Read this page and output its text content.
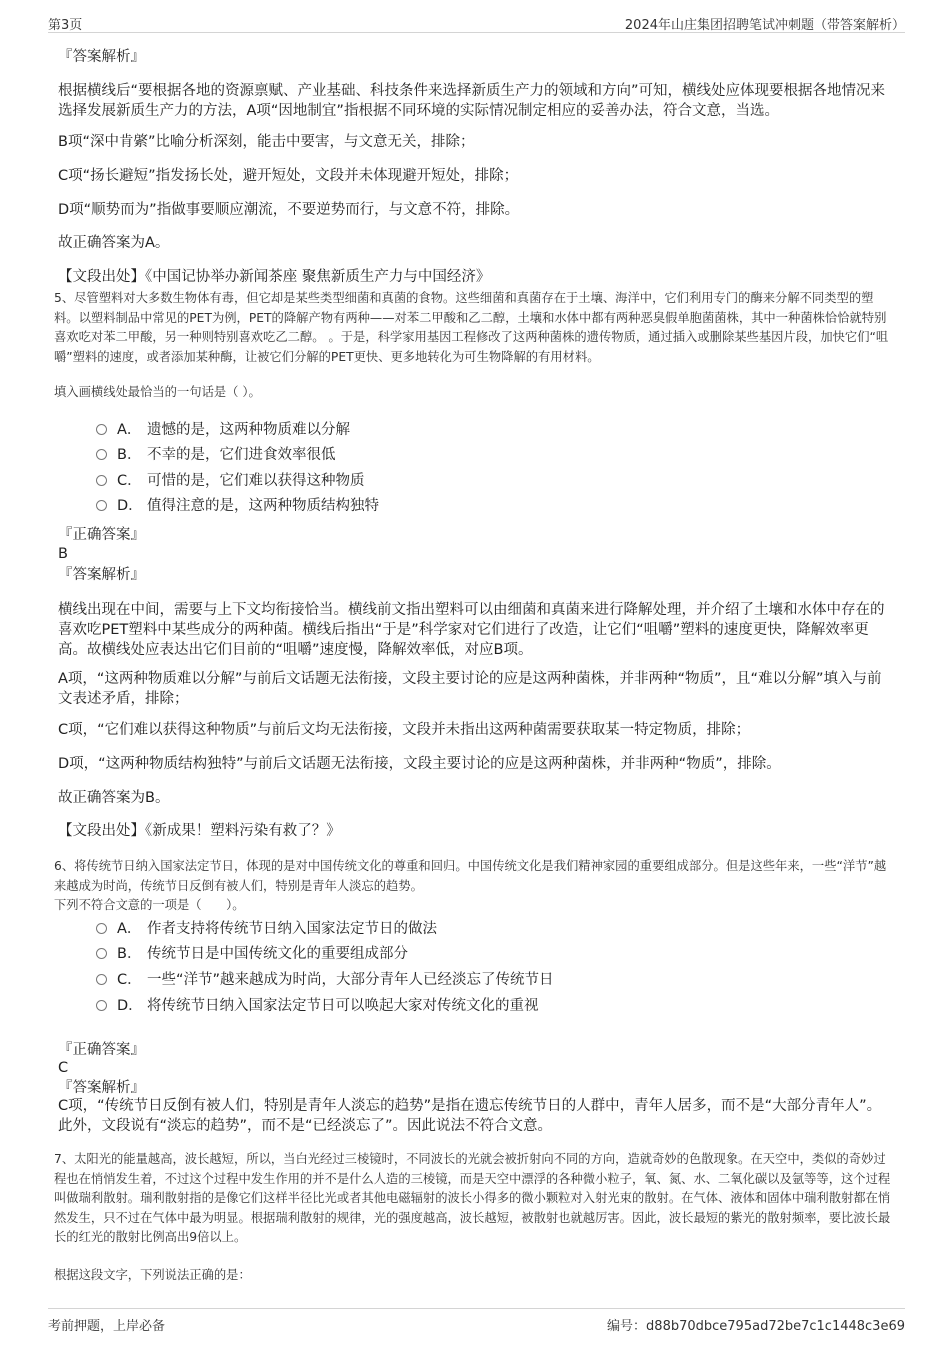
第3页	2024年山庄集团招聘笔试冲刺题（带答案解析）

『答案解析』

根据横线后“要根据各地的资源禀赋、产业基础、科技条件来选择新质生产力的领域和方向”可知，横线处应体现要根据各地情况来选择发展新质生产力的方法，A项“因地制宜”指根据不同环境的实际情况制定相应的妥善办法，符合文意，当选。

B项“深中肯綮”比喻分析深刻，能击中要害，与文意无关，排除；

C项“扬长避短”指发扬长处，避开短处，文段并未体现避开短处，排除；

D项“顺势而为”指做事要顺应潮流，不要逆势而行，与文意不符，排除。

故正确答案为A。

【文段出处】《中国记协举办新闻茶座 聚焦新质生产力与中国经济》

5、尽管塑料对大多数生物体有毒，但它却是某些类型细菌和真菌的食物。这些细菌和真菌存在于土壤、海洋中，它们利用专门的酶来分解不同类型的塑料。以塑料制品中常见的PET为例，PET的降解产物有两种——对苯二甲酸和乙二醇，土壤和水体中都有两种恶臭假单胞菌菌株，其中一种菌株恰恰就特别喜欢吃对苯二甲酸，另一种则特别喜欢吃乙二醇。 。于是，科学家用基因工程修改了这两种菌株的遗传物质，通过插入或删除某些基因片段，加快它们“咀嚼”塑料的速度，或者添加某种酶，让被它们分解的PET更快、更多地转化为可生物降解的有用材料。

填入画横线处最恰当的一句话是（ ）。

A． 遗憾的是，这两种物质难以分解
B． 不幸的是，它们进食效率很低
C． 可惜的是，它们难以获得这种物质
D． 值得注意的是，这两种物质结构独特

『正确答案』

B

『答案解析』

横线出现在中间，需要与上下文均衔接恰当。横线前文指出塑料可以由细菌和真菌来进行降解处理，并介绍了土壤和水体中存在的喜欢吃PET塑料中某些成分的两种菌。横线后指出“于是”科学家对它们进行了改造，让它们“咀嚼”塑料的速度更快，降解效率更高。故横线处应表达出它们目前的“咀嚼”速度慢，降解效率低，对应B项。

A项，“这两种物质难以分解”与前后文话题无法衔接，文段主要讨论的应是这两种菌株，并非两种“物质”，且“难以分解”填入与前文表述矛盾，排除；

C项，“它们难以获得这种物质”与前后文均无法衔接，文段并未指出这两种菌需要获取某一特定物质，排除；

D项，“这两种物质结构独特”与前后文话题无法衔接，文段主要讨论的应是这两种菌株，并非两种“物质”，排除。

故正确答案为B。

【文段出处】《新成果！塑料污染有救了？》

6、将传统节日纳入国家法定节日，体现的是对中国传统文化的尊重和回归。中国传统文化是我们精神家园的重要组成部分。但是这些年来，一些“洋节”越来越成为时尚，传统节日反倒有被人们，特别是青年人淡忘的趋势。

下列不符合文意的一项是（　　）。

A． 作者支持将传统节日纳入国家法定节日的做法
B． 传统节日是中国传统文化的重要组成部分
C． 一些“洋节”越来越成为时尚，大部分青年人已经淡忘了传统节日
D． 将传统节日纳入国家法定节日可以唤起大家对传统文化的重视

『正确答案』

C

『答案解析』

C项，“传统节日反倒有被人们，特别是青年人淡忘的趋势”是指在遗忘传统节日的人群中，青年人居多，而不是“大部分青年人”。此外，文段说有“淡忘的趋势”，而不是“已经淡忘了”。因此说法不符合文意。

7、太阳光的能量越高，波长越短，所以，当白光经过三棱镜时，不同波长的光就会被折射向不同的方向，造就奇妙的色散现象。在天空中，类似的奇妙过程也在悄悄发生着，不过这个过程中发生作用的并不是什么人造的三棱镜，而是天空中漂浮的各种微小粒子，氧、氮、水、二氧化碳以及氩等等，这个过程叫做瑞利散射。瑞利散射指的是像它们这样半径比光或者其他电磁辐射的波长小得多的微小颗粒对入射光束的散射。在气体、液体和固体中瑞利散射都在悄然发生，只不过在气体中最为明显。根据瑞利散射的规律，光的强度越高，波长越短，被散射也就越厉害。因此，波长最短的紫光的散射频率，要比波长最长的红光的散射比例高出9倍以上。

根据这段文字，下列说法正确的是：

考前押题，上岸必备	编号：d88b70dbce795ad72be7c1c1448c3e69
